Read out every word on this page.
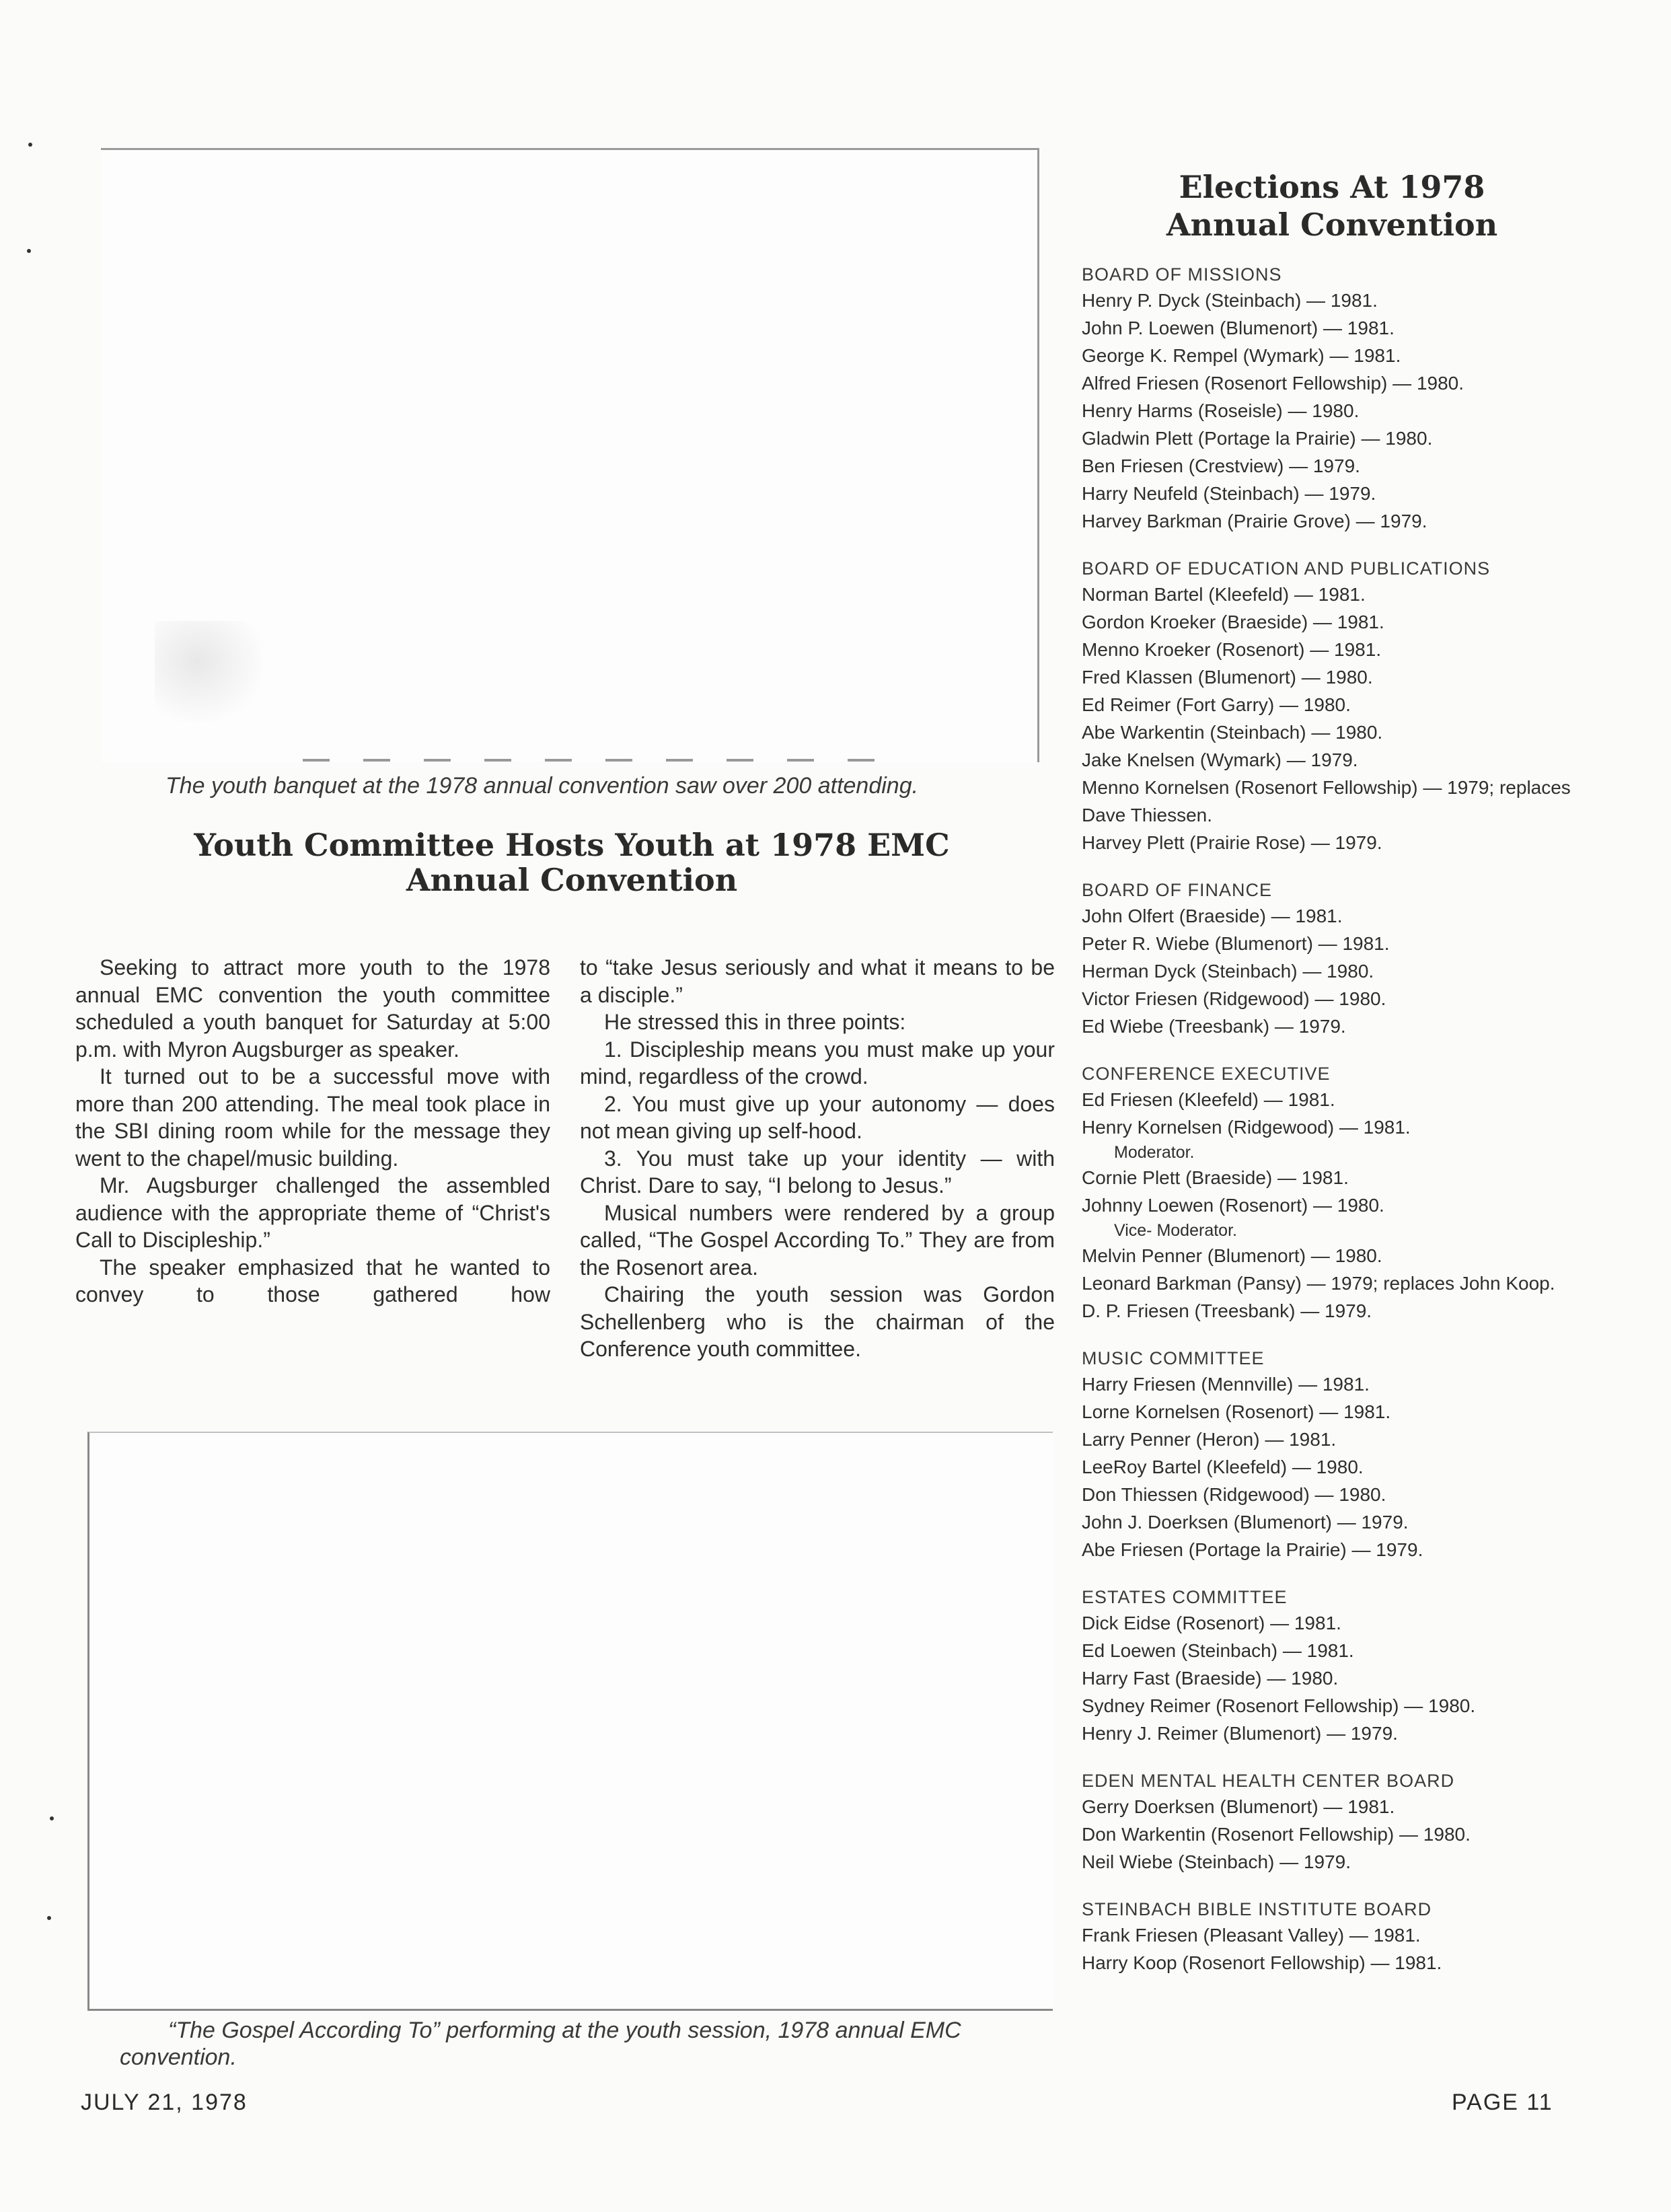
The youth banquet at the 1978 annual convention saw over 200 attending.
Youth Committee Hosts Youth at 1978 EMC
Annual Convention

Seeking to attract more youth to the 1978 annual EMC convention the youth committee scheduled a youth banquet for Saturday at 5:00 p.m. with Myron Augsburger as speaker.

It turned out to be a successful move with more than 200 attending. The meal took place in the SBI dining room while for the message they went to the chapel/music building.

Mr. Augsburger challenged the assembled audience with the appropriate theme of “Christ's Call to Discipleship.”

The speaker emphasized that he wanted to convey to those gathered how

to “take Jesus seriously and what it means to be a disciple.”

He stressed this in three points:

1. Discipleship means you must make up your mind, regardless of the crowd.

2. You must give up your autonomy — does not mean giving up self-hood.

3. You must take up your identity — with Christ. Dare to say, “I belong to Jesus.”

Musical numbers were rendered by a group called, “The Gospel According To.” They are from the Rosenort area.

Chairing the youth session was Gordon Schellenberg who is the chairman of the Conference youth committee.

“The Gospel According To” performing at the youth session, 1978 annual EMC convention.
Elections At 1978
Annual Convention
BOARD OF MISSIONS
Henry P. Dyck (Steinbach) — 1981.
John P. Loewen (Blumenort) — 1981.
George K. Rempel (Wymark) — 1981.
Alfred Friesen (Rosenort Fellowship) — 1980.
Henry Harms (Roseisle) — 1980.
Gladwin Plett (Portage la Prairie) — 1980.
Ben Friesen (Crestview) — 1979.
Harry Neufeld (Steinbach) — 1979.
Harvey Barkman (Prairie Grove) — 1979.
BOARD OF EDUCATION AND PUBLICATIONS
Norman Bartel (Kleefeld) — 1981.
Gordon Kroeker (Braeside) — 1981.
Menno Kroeker (Rosenort) — 1981.
Fred Klassen (Blumenort) — 1980.
Ed Reimer (Fort Garry) — 1980.
Abe Warkentin (Steinbach) — 1980.
Jake Knelsen (Wymark) — 1979.
Menno Kornelsen (Rosenort Fellowship) — 1979; replaces Dave Thiessen.
Harvey Plett (Prairie Rose) — 1979.
BOARD OF FINANCE
John Olfert (Braeside) — 1981.
Peter R. Wiebe (Blumenort) — 1981.
Herman Dyck (Steinbach) — 1980.
Victor Friesen (Ridgewood) — 1980.
Ed Wiebe (Treesbank) — 1979.
CONFERENCE EXECUTIVE
Ed Friesen (Kleefeld) — 1981.
Henry Kornelsen (Ridgewood) — 1981.
Moderator.
Cornie Plett (Braeside) — 1981.
Johnny Loewen (Rosenort) — 1980.
Vice- Moderator.
Melvin Penner (Blumenort) — 1980.
Leonard Barkman (Pansy) — 1979; replaces John Koop.
D. P. Friesen (Treesbank) — 1979.
MUSIC COMMITTEE
Harry Friesen (Mennville) — 1981.
Lorne Kornelsen (Rosenort) — 1981.
Larry Penner (Heron) — 1981.
LeeRoy Bartel (Kleefeld) — 1980.
Don Thiessen (Ridgewood) — 1980.
John J. Doerksen (Blumenort) — 1979.
Abe Friesen (Portage la Prairie) — 1979.
ESTATES COMMITTEE
Dick Eidse (Rosenort) — 1981.
Ed Loewen (Steinbach) — 1981.
Harry Fast (Braeside) — 1980.
Sydney Reimer (Rosenort Fellowship) — 1980.
Henry J. Reimer (Blumenort) — 1979.
EDEN MENTAL HEALTH CENTER BOARD
Gerry Doerksen (Blumenort) — 1981.
Don Warkentin (Rosenort Fellowship) — 1980.
Neil Wiebe (Steinbach) — 1979.
STEINBACH BIBLE INSTITUTE BOARD
Frank Friesen (Pleasant Valley) — 1981.
Harry Koop (Rosenort Fellowship) — 1981.
JULY 21, 1978	PAGE 11
